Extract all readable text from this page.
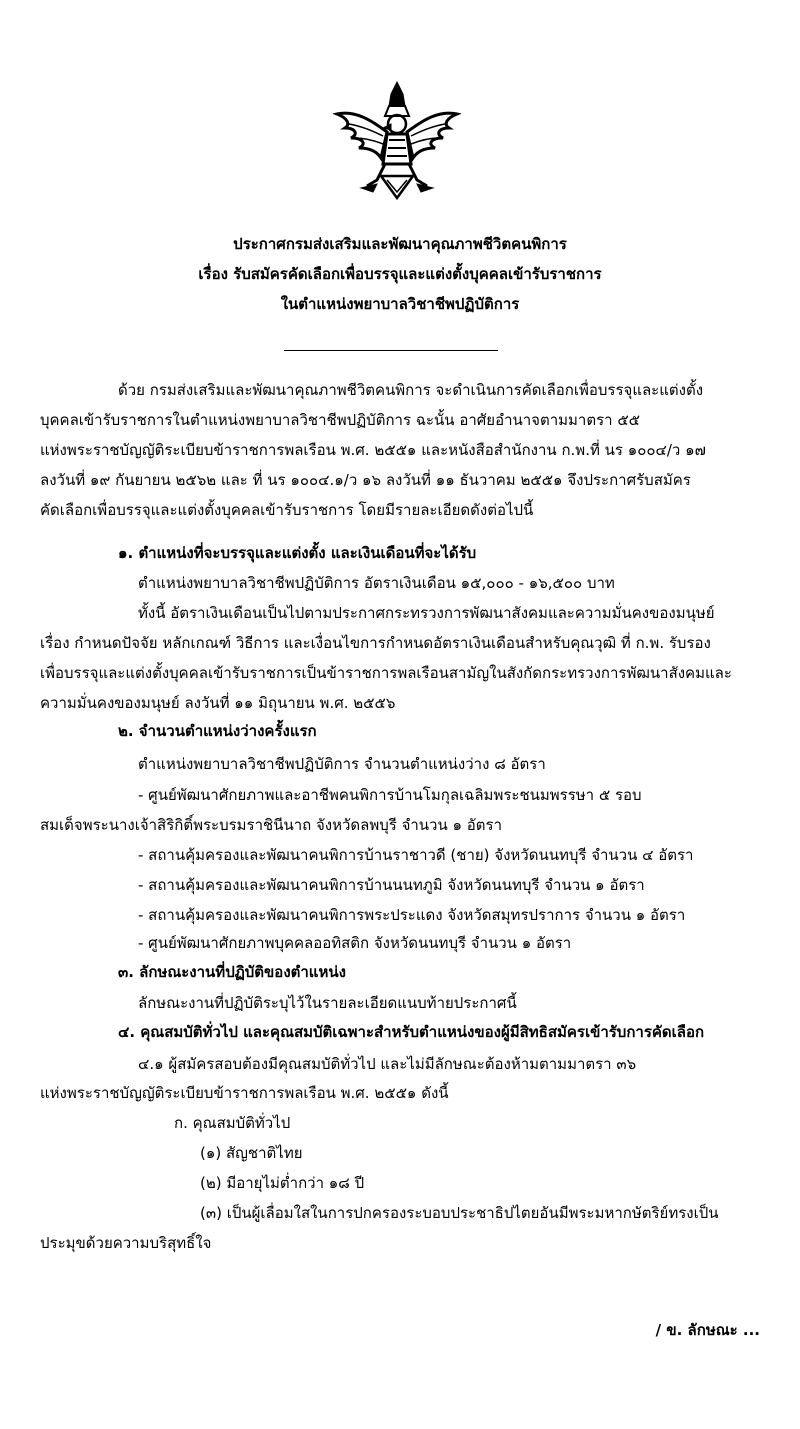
ประกาศกรมส่งเสริมและพัฒนาคุณภาพชีวิตคนพิการ
เรื่อง รับสมัครคัดเลือกเพื่อบรรจุและแต่งตั้งบุคคลเข้ารับราชการ
ในตำแหน่งพยาบาลวิชาชีพปฏิบัติการ
ด้วย กรมส่งเสริมและพัฒนาคุณภาพชีวิตคนพิการ จะดำเนินการคัดเลือกเพื่อบรรจุและแต่งตั้ง
บุคคลเข้ารับราชการในตำแหน่งพยาบาลวิชาชีพปฏิบัติการ ฉะนั้น อาศัยอำนาจตามมาตรา ๕๕
แห่งพระราชบัญญัติระเบียบข้าราชการพลเรือน พ.ศ. ๒๕๕๑ และหนังสือสำนักงาน ก.พ.ที่ นร ๑๐๐๔/ว ๑๗
ลงวันที่ ๑๙ กันยายน ๒๕๖๒ และ ที่ นร ๑๐๐๔.๑/ว ๑๖ ลงวันที่ ๑๑ ธันวาคม ๒๕๕๑ จึงประกาศรับสมัคร
คัดเลือกเพื่อบรรจุและแต่งตั้งบุคคลเข้ารับราชการ โดยมีรายละเอียดดังต่อไปนี้
๑. ตำแหน่งที่จะบรรจุและแต่งตั้ง และเงินเดือนที่จะได้รับ
ตำแหน่งพยาบาลวิชาชีพปฏิบัติการ อัตราเงินเดือน ๑๕,๐๐๐ - ๑๖,๕๐๐ บาท
ทั้งนี้ อัตราเงินเดือนเป็นไปตามประกาศกระทรวงการพัฒนาสังคมและความมั่นคงของมนุษย์
เรื่อง กำหนดปัจจัย หลักเกณฑ์ วิธีการ และเงื่อนไขการกำหนดอัตราเงินเดือนสำหรับคุณวุฒิ ที่ ก.พ. รับรอง
เพื่อบรรจุและแต่งตั้งบุคคลเข้ารับราชการเป็นข้าราชการพลเรือนสามัญในสังกัดกระทรวงการพัฒนาสังคมและ
ความมั่นคงของมนุษย์ ลงวันที่ ๑๑ มิถุนายน พ.ศ. ๒๕๕๖
๒. จำนวนตำแหน่งว่างครั้งแรก
ตำแหน่งพยาบาลวิชาชีพปฏิบัติการ จำนวนตำแหน่งว่าง ๘ อัตรา
- ศูนย์พัฒนาศักยภาพและอาชีพคนพิการบ้านโมกุลเฉลิมพระชนมพรรษา ๕ รอบ
สมเด็จพระนางเจ้าสิริกิติ์พระบรมราชินีนาถ จังหวัดลพบุรี จำนวน ๑ อัตรา
- สถานคุ้มครองและพัฒนาคนพิการบ้านราชาวดี (ชาย) จังหวัดนนทบุรี จำนวน ๔ อัตรา
- สถานคุ้มครองและพัฒนาคนพิการบ้านนนทภูมิ จังหวัดนนทบุรี จำนวน ๑ อัตรา
- สถานคุ้มครองและพัฒนาคนพิการพระประแดง จังหวัดสมุทรปราการ จำนวน ๑ อัตรา
- ศูนย์พัฒนาศักยภาพบุคคลออทิสติก จังหวัดนนทบุรี จำนวน ๑ อัตรา
๓. ลักษณะงานที่ปฏิบัติของตำแหน่ง
ลักษณะงานที่ปฏิบัติระบุไว้ในรายละเอียดแนบท้ายประกาศนี้
๔. คุณสมบัติทั่วไป และคุณสมบัติเฉพาะสำหรับตำแหน่งของผู้มีสิทธิสมัครเข้ารับการคัดเลือก
๔.๑ ผู้สมัครสอบต้องมีคุณสมบัติทั่วไป และไม่มีลักษณะต้องห้ามตามมาตรา ๓๖
แห่งพระราชบัญญัติระเบียบข้าราชการพลเรือน พ.ศ. ๒๕๕๑ ดังนี้
ก. คุณสมบัติทั่วไป
(๑) สัญชาติไทย
(๒) มีอายุไม่ต่ำกว่า ๑๘ ปี
(๓) เป็นผู้เลื่อมใสในการปกครองระบอบประชาธิปไตยอันมีพระมหากษัตริย์ทรงเป็น
ประมุขด้วยความบริสุทธิ์ใจ
/ ข. ลักษณะ ...
